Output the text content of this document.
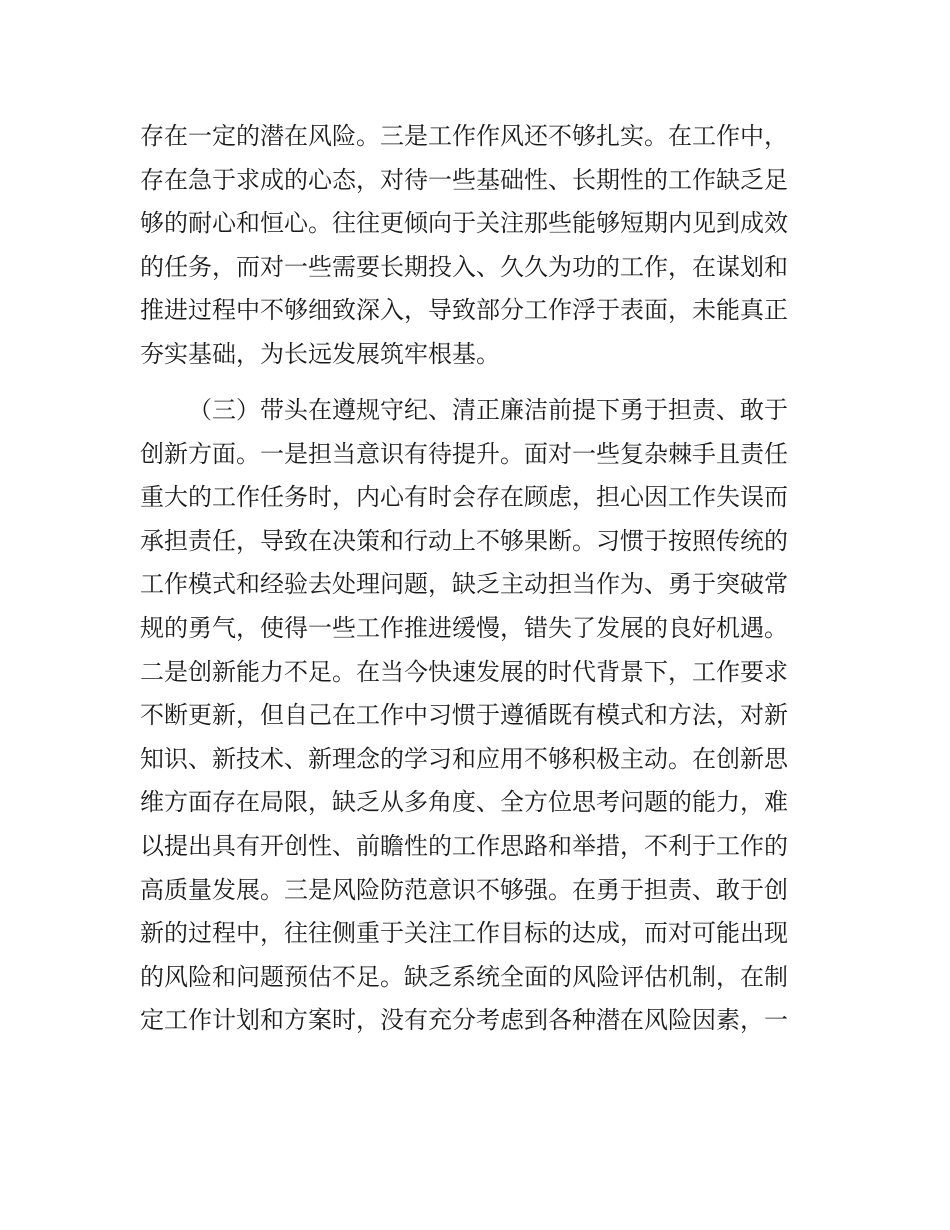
存在一定的潜在风险。三是工作作风还不够扎实。在工作中，
存在急于求成的心态，对待一些基础性、长期性的工作缺乏足
够的耐心和恒心。往往更倾向于关注那些能够短期内见到成效
的任务，而对一些需要长期投入、久久为功的工作，在谋划和
推进过程中不够细致深入，导致部分工作浮于表面，未能真正
夯实基础，为长远发展筑牢根基。
（三）带头在遵规守纪、清正廉洁前提下勇于担责、敢于
创新方面。一是担当意识有待提升。面对一些复杂棘手且责任
重大的工作任务时，内心有时会存在顾虑，担心因工作失误而
承担责任，导致在决策和行动上不够果断。习惯于按照传统的
工作模式和经验去处理问题，缺乏主动担当作为、勇于突破常
规的勇气，使得一些工作推进缓慢，错失了发展的良好机遇。
二是创新能力不足。在当今快速发展的时代背景下，工作要求
不断更新，但自己在工作中习惯于遵循既有模式和方法，对新
知识、新技术、新理念的学习和应用不够积极主动。在创新思
维方面存在局限，缺乏从多角度、全方位思考问题的能力，难
以提出具有开创性、前瞻性的工作思路和举措，不利于工作的
高质量发展。三是风险防范意识不够强。在勇于担责、敢于创
新的过程中，往往侧重于关注工作目标的达成，而对可能出现
的风险和问题预估不足。缺乏系统全面的风险评估机制，在制
定工作计划和方案时，没有充分考虑到各种潜在风险因素，一
